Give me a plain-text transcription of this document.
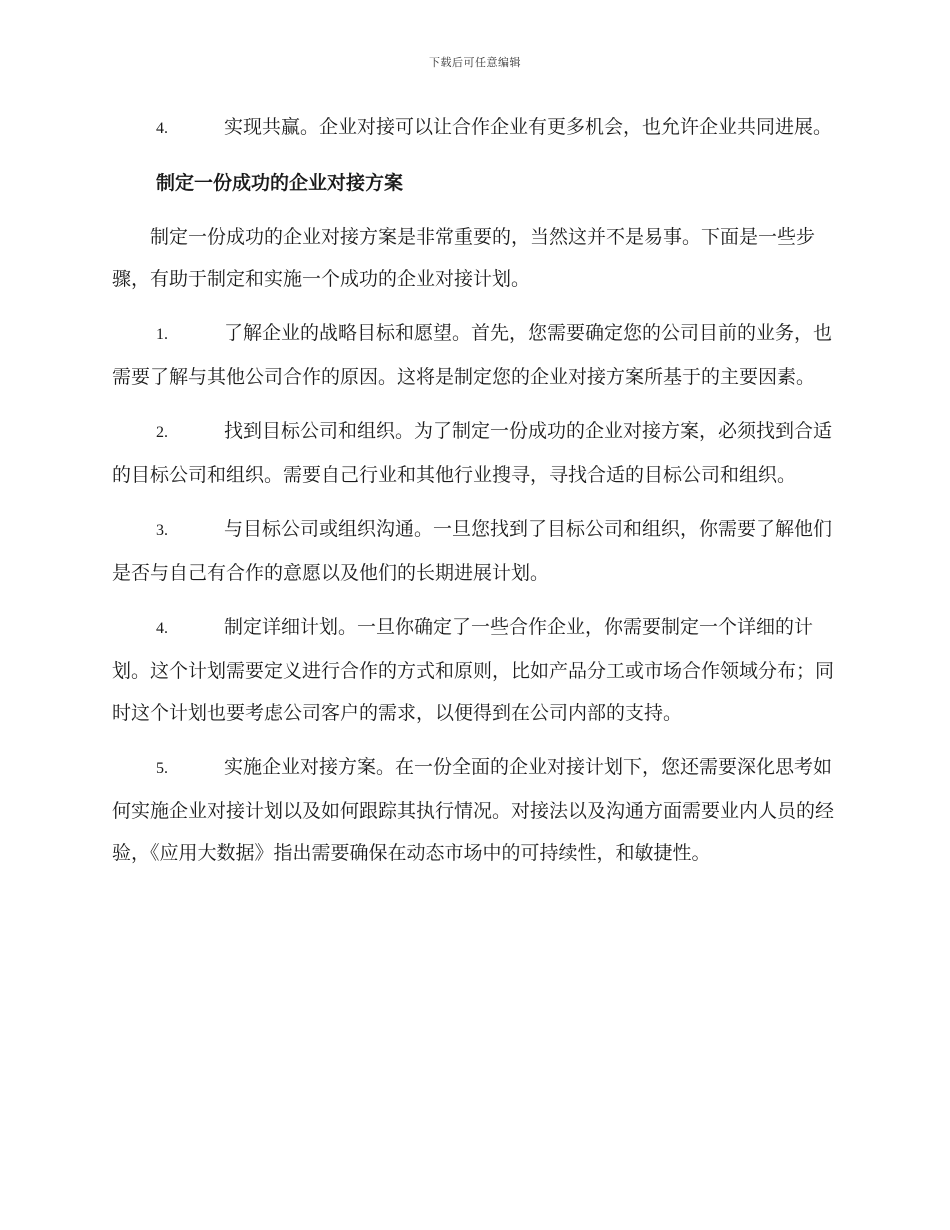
下载后可任意编辑

4.	实现共赢。企业对接可以让合作企业有更多机会，也允许企业共同进展。

制定一份成功的企业对接方案

制定一份成功的企业对接方案是非常重要的，当然这并不是易事。下面是一些步骤，有助于制定和实施一个成功的企业对接计划。

1.	了解企业的战略目标和愿望。首先，您需要确定您的公司目前的业务，也需要了解与其他公司合作的原因。这将是制定您的企业对接方案所基于的主要因素。

2.	找到目标公司和组织。为了制定一份成功的企业对接方案，必须找到合适的目标公司和组织。需要自己行业和其他行业搜寻，寻找合适的目标公司和组织。

3.	与目标公司或组织沟通。一旦您找到了目标公司和组织，你需要了解他们是否与自己有合作的意愿以及他们的长期进展计划。

4.	制定详细计划。一旦你确定了一些合作企业，你需要制定一个详细的计划。这个计划需要定义进行合作的方式和原则，比如产品分工或市场合作领域分布；同时这个计划也要考虑公司客户的需求，以便得到在公司内部的支持。

5.	实施企业对接方案。在一份全面的企业对接计划下，您还需要深化思考如何实施企业对接计划以及如何跟踪其执行情况。对接法以及沟通方面需要业内人员的经验，《应用大数据》指出需要确保在动态市场中的可持续性，和敏捷性。
